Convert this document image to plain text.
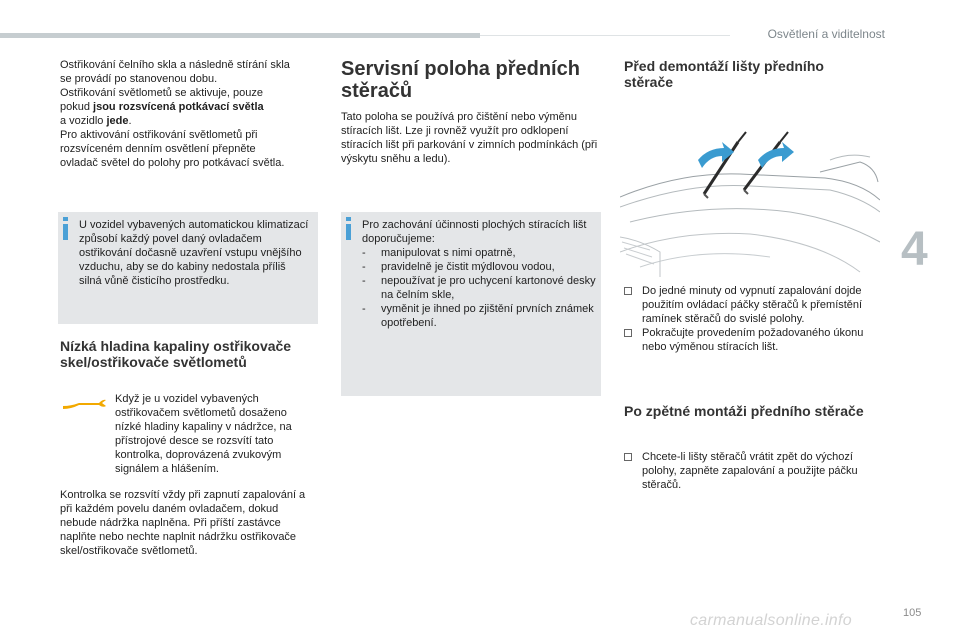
Osvětlení a viditelnost
4

Ostřikování čelního skla a následně stírání skla
se provádí po stanovenou dobu.
Ostřikování světlometů se aktivuje, pouze
pokud jsou rozsvícená potkávací světla
a vozidlo jede.
Pro aktivování ostřikování světlometů při
rozsvíceném denním osvětlení přepněte
ovladač světel do polohy pro potkávací světla.

U vozidel vybavených automatickou klimatizací způsobí každý povel daný ovladačem ostřikování dočasně uzavření vstupu vnějšího vzduchu, aby se do kabiny nedostala příliš silná vůně čisticího prostředku.

Nízká hladina kapaliny ostřikovače skel/ostřikovače světlometů

Když je u vozidel vybavených ostřikovačem světlometů dosaženo nízké hladiny kapaliny v nádržce, na přístrojové desce se rozsvítí tato kontrolka, doprovázená zvukovým signálem a hlášením.

Kontrolka se rozsvítí vždy při zapnutí zapalování a při každém povelu daném ovladačem, dokud nebude nádržka naplněna. Při příští zastávce naplňte nebo nechte naplnit nádržku ostřikovače skel/ostřikovače světlometů.

Servisní poloha předních stěračů

Tato poloha se používá pro čištění nebo výměnu stíracích lišt. Lze ji rovněž využít pro odklopení stíracích lišt při parkování v zimních podmínkách (při výskytu sněhu a ledu).

Pro zachování účinnosti plochých stíracích lišt doporučujeme:

- manipulovat s nimi opatrně,
- pravidelně je čistit mýdlovou vodou,
- nepoužívat je pro uchycení kartonové desky na čelním skle,
- vyměnit je ihned po zjištění prvních známek opotřebení.
Před demontáží lišty předního stěrače
Do jedné minuty od vypnutí zapalování dojde použitím ovládací páčky stěračů k přemístění ramínek stěračů do svislé polohy.
Pokračujte provedením požadovaného úkonu nebo výměnou stíracích lišt.
Po zpětné montáži předního stěrače
Chcete-li lišty stěračů vrátit zpět do výchozí polohy, zapněte zapalování a použijte páčku stěračů.
105
carmanualsonline.info
